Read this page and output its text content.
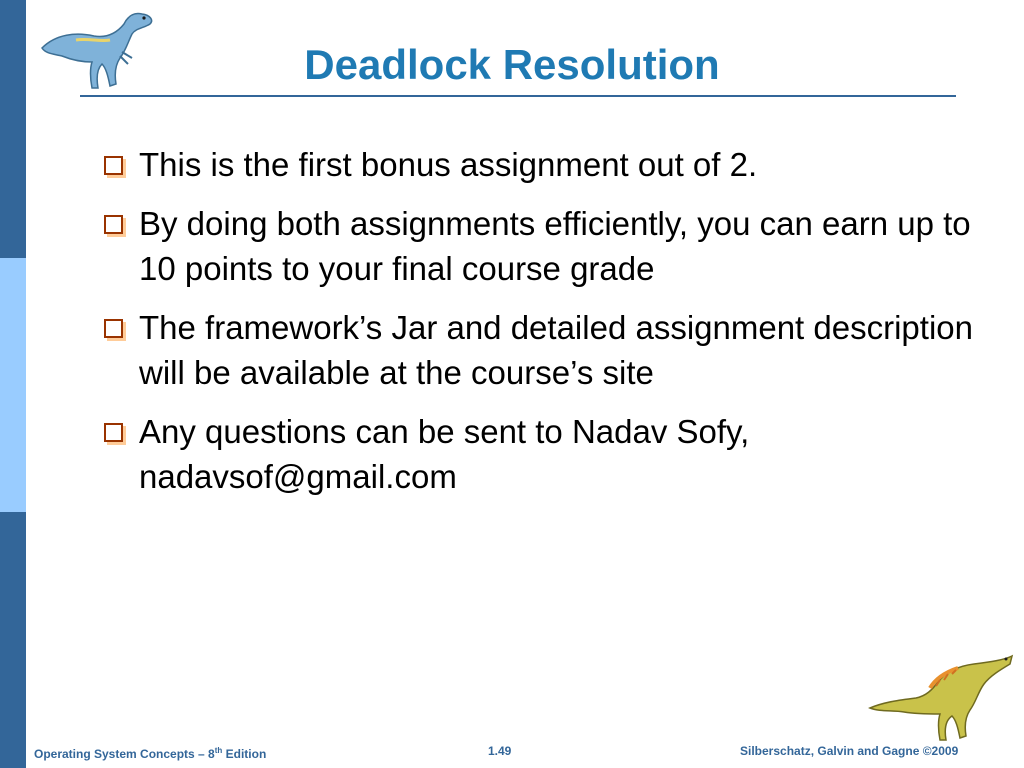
Deadlock Resolution
This is the first bonus assignment out of 2.
By doing both assignments efficiently, you can earn up to 10 points to your final course grade
The framework’s Jar and detailed assignment description will be available at the course’s site
Any questions can be sent to Nadav Sofy, nadavsof@gmail.com
Operating System Concepts – 8th Edition	1.49	Silberschatz, Galvin and Gagne ©2009
